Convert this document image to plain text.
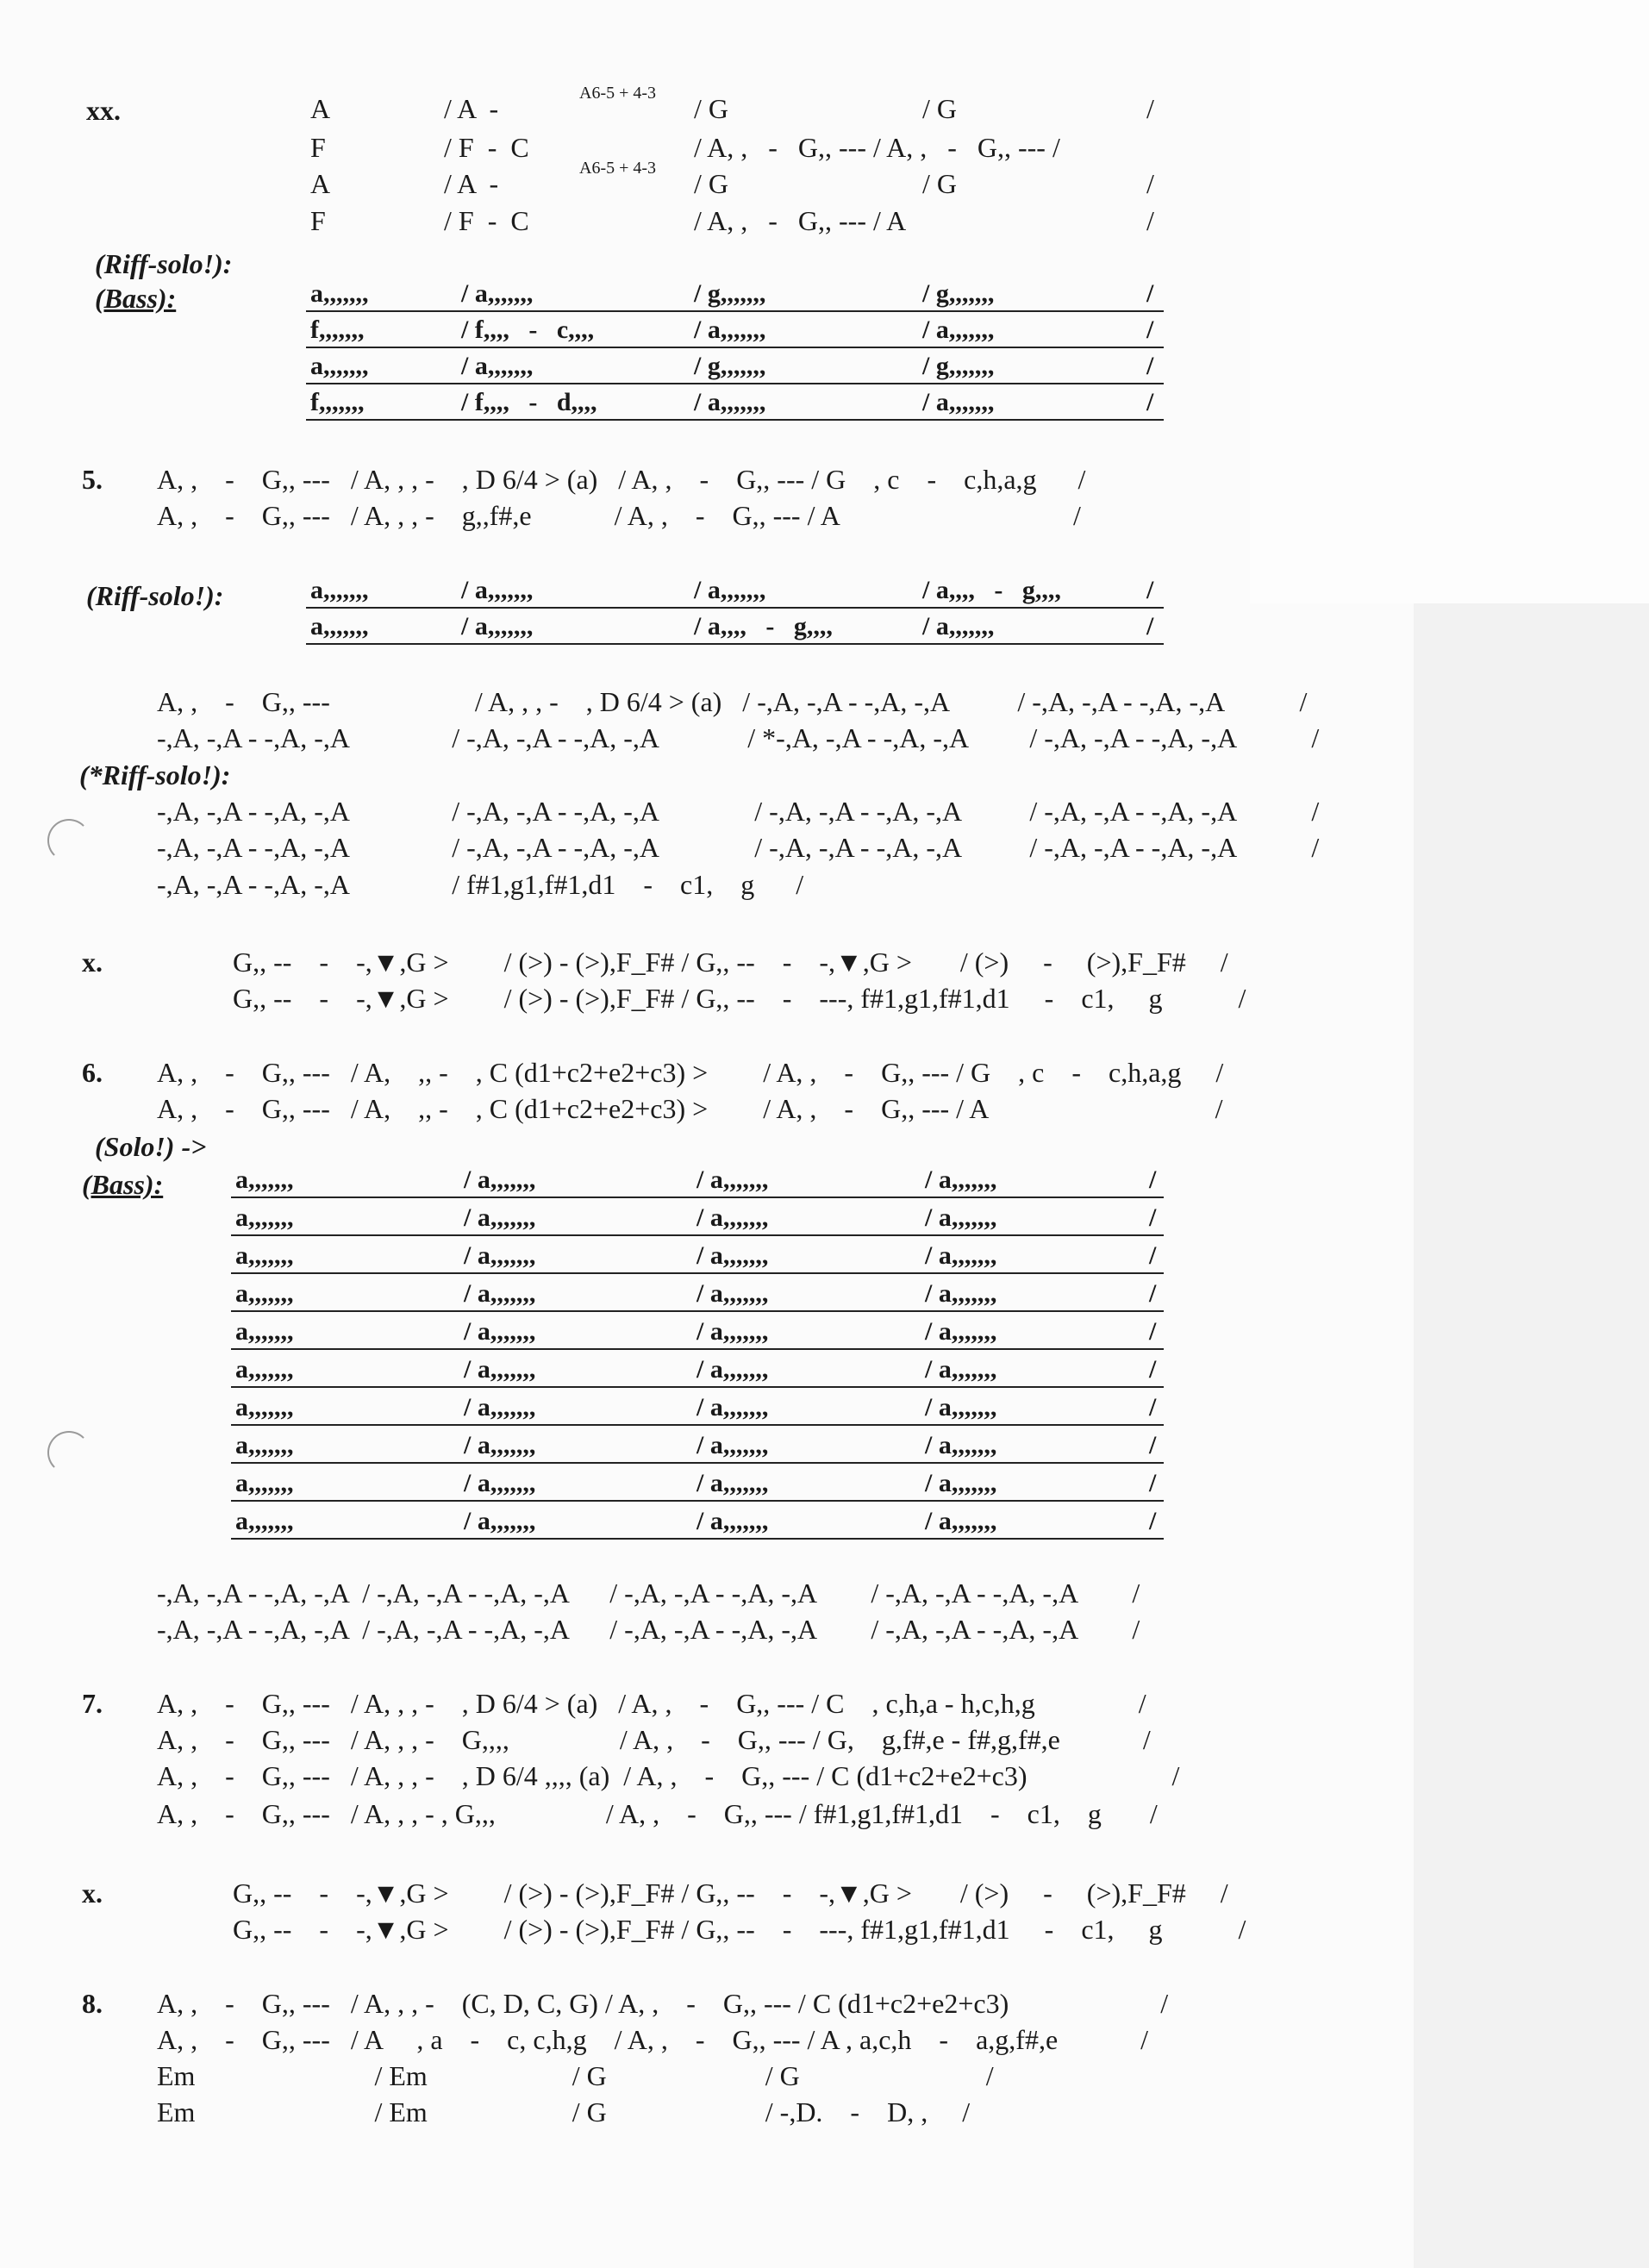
xx.	A	/ A  -	A6-5 + 4-3 / G	/ G	/
F	/ F  -  C	/ A, ,   -   G,, --- / A, ,   -   G,, --- /
A	/ A  -	A6-5 + 4-3 / G	/ G	/
F	/ F  -  C	/ A, ,   -   G,, --- / A	/
(Riff-solo!):
(Bass):	a,,,,,,,	/ a,,,,,,,	/ g,,,,,,,	/ g,,,,,,,	/
f,,,,,,,	/ f,,,,   -   c,,,,	/ a,,,,,,,	/ a,,,,,,,	/
a,,,,,,,	/ a,,,,,,,	/ g,,,,,,,	/ g,,,,,,,	/
f,,,,,,,	/ f,,,,   -   d,,,,	/ a,,,,,,,	/ a,,,,,,,	/
5. A, ,    -    G,, ---   / A, , , -    , D 6/4 > (a)   / A, ,    -    G,, --- / G    , c    -    c,h,a,g      /
A, ,    -    G,, ---   / A, , , -    g,,f#,e            / A, ,    -    G,, --- / A                                  /
(Riff-solo!):	a,,,,,,,	/ a,,,,,,,	/ a,,,,,,,	/ a,,,,   -   g,,,,	/
a,,,,,,,	/ a,,,,,,,	/ a,,,,   -   g,,,,	/ a,,,,,,,	/
A, ,    -    G,, ---                     / A, , , -    , D 6/4 > (a)   / -,A, -,A - -,A, -,A          / -,A, -,A - -,A, -,A           /
-,A, -,A - -,A, -,A               / -,A, -,A - -,A, -,A             / *-,A, -,A - -,A, -,A         / -,A, -,A - -,A, -,A           /
(*Riff-solo!):
-,A, -,A - -,A, -,A               / -,A, -,A - -,A, -,A              / -,A, -,A - -,A, -,A          / -,A, -,A - -,A, -,A           /
-,A, -,A - -,A, -,A               / -,A, -,A - -,A, -,A              / -,A, -,A - -,A, -,A          / -,A, -,A - -,A, -,A           /
-,A, -,A - -,A, -,A               / f#1,g1,f#1,d1    -    c1,    g      /
x.	G,, --    -    -,▼,G >        / (>) - (>),F_F# / G,, --    -    -,▼,G >       / (>)     -     (>),F_F#     /
G,, --    -    -,▼,G >        / (>) - (>),F_F# / G,, --    -    ---, f#1,g1,f#1,d1     -    c1,     g           /
6. A, ,    -    G,, ---   / A,    ,, -    , C (d1+c2+e2+c3) >        / A, ,    -    G,, --- / G    , c    -    c,h,a,g     /
A, ,    -    G,, ---   / A,    ,, -    , C (d1+c2+e2+c3) >        / A, ,    -    G,, --- / A                                 /
(Solo!) ->
(Bass):	a,,,,,,,	/ a,,,,,,,	/ a,,,,,,,	/ a,,,,,,,	/
a,,,,,,,	/ a,,,,,,,	/ a,,,,,,,	/ a,,,,,,,	/
a,,,,,,,	/ a,,,,,,,	/ a,,,,,,,	/ a,,,,,,,	/
a,,,,,,,	/ a,,,,,,,	/ a,,,,,,,	/ a,,,,,,,	/
a,,,,,,,	/ a,,,,,,,	/ a,,,,,,,	/ a,,,,,,,	/
a,,,,,,,	/ a,,,,,,,	/ a,,,,,,,	/ a,,,,,,,	/
a,,,,,,,	/ a,,,,,,,	/ a,,,,,,,	/ a,,,,,,,	/
a,,,,,,,	/ a,,,,,,,	/ a,,,,,,,	/ a,,,,,,,	/
a,,,,,,,	/ a,,,,,,,	/ a,,,,,,,	/ a,,,,,,,	/
a,,,,,,,	/ a,,,,,,,	/ a,,,,,,,	/ a,,,,,,,	/
-,A, -,A - -,A, -,A  / -,A, -,A - -,A, -,A      / -,A, -,A - -,A, -,A        / -,A, -,A - -,A, -,A        /
-,A, -,A - -,A, -,A  / -,A, -,A - -,A, -,A      / -,A, -,A - -,A, -,A        / -,A, -,A - -,A, -,A        /
7. A, ,    -    G,, ---   / A, , , -    , D 6/4 > (a)   / A, ,    -    G,, --- / C    , c,h,a - h,c,h,g               /
A, ,    -    G,, ---   / A, , , -    G,,,,                / A, ,    -    G,, --- / G,    g,f#,e - f#,g,f#,e            /
A, ,    -    G,, ---   / A, , , -    , D 6/4 ,,,, (a)  / A, ,    -    G,, --- / C (d1+c2+e2+c3)                     /
A, ,    -    G,, ---   / A, , , - , G,,,                / A, ,    -    G,, --- / f#1,g1,f#1,d1    -    c1,    g       /
x.	G,, --    -    -,▼,G >        / (>) - (>),F_F# / G,, --    -    -,▼,G >       / (>)     -     (>),F_F#     /
G,, --    -    -,▼,G >        / (>) - (>),F_F# / G,, --    -    ---, f#1,g1,f#1,d1     -    c1,     g           /
8. A, ,    -    G,, ---   / A, , , -    (C, D, C, G) / A, ,    -    G,, --- / C (d1+c2+e2+c3)                      /
A, ,    -    G,, ---   / A     , a    -    c, c,h,g    / A, ,    -    G,, --- / A , a,c,h    -    a,g,f#,e            /
Em                          / Em                     / G                       / G                           /
Em                          / Em                     / G                       / -,D.    -    D, ,     /
